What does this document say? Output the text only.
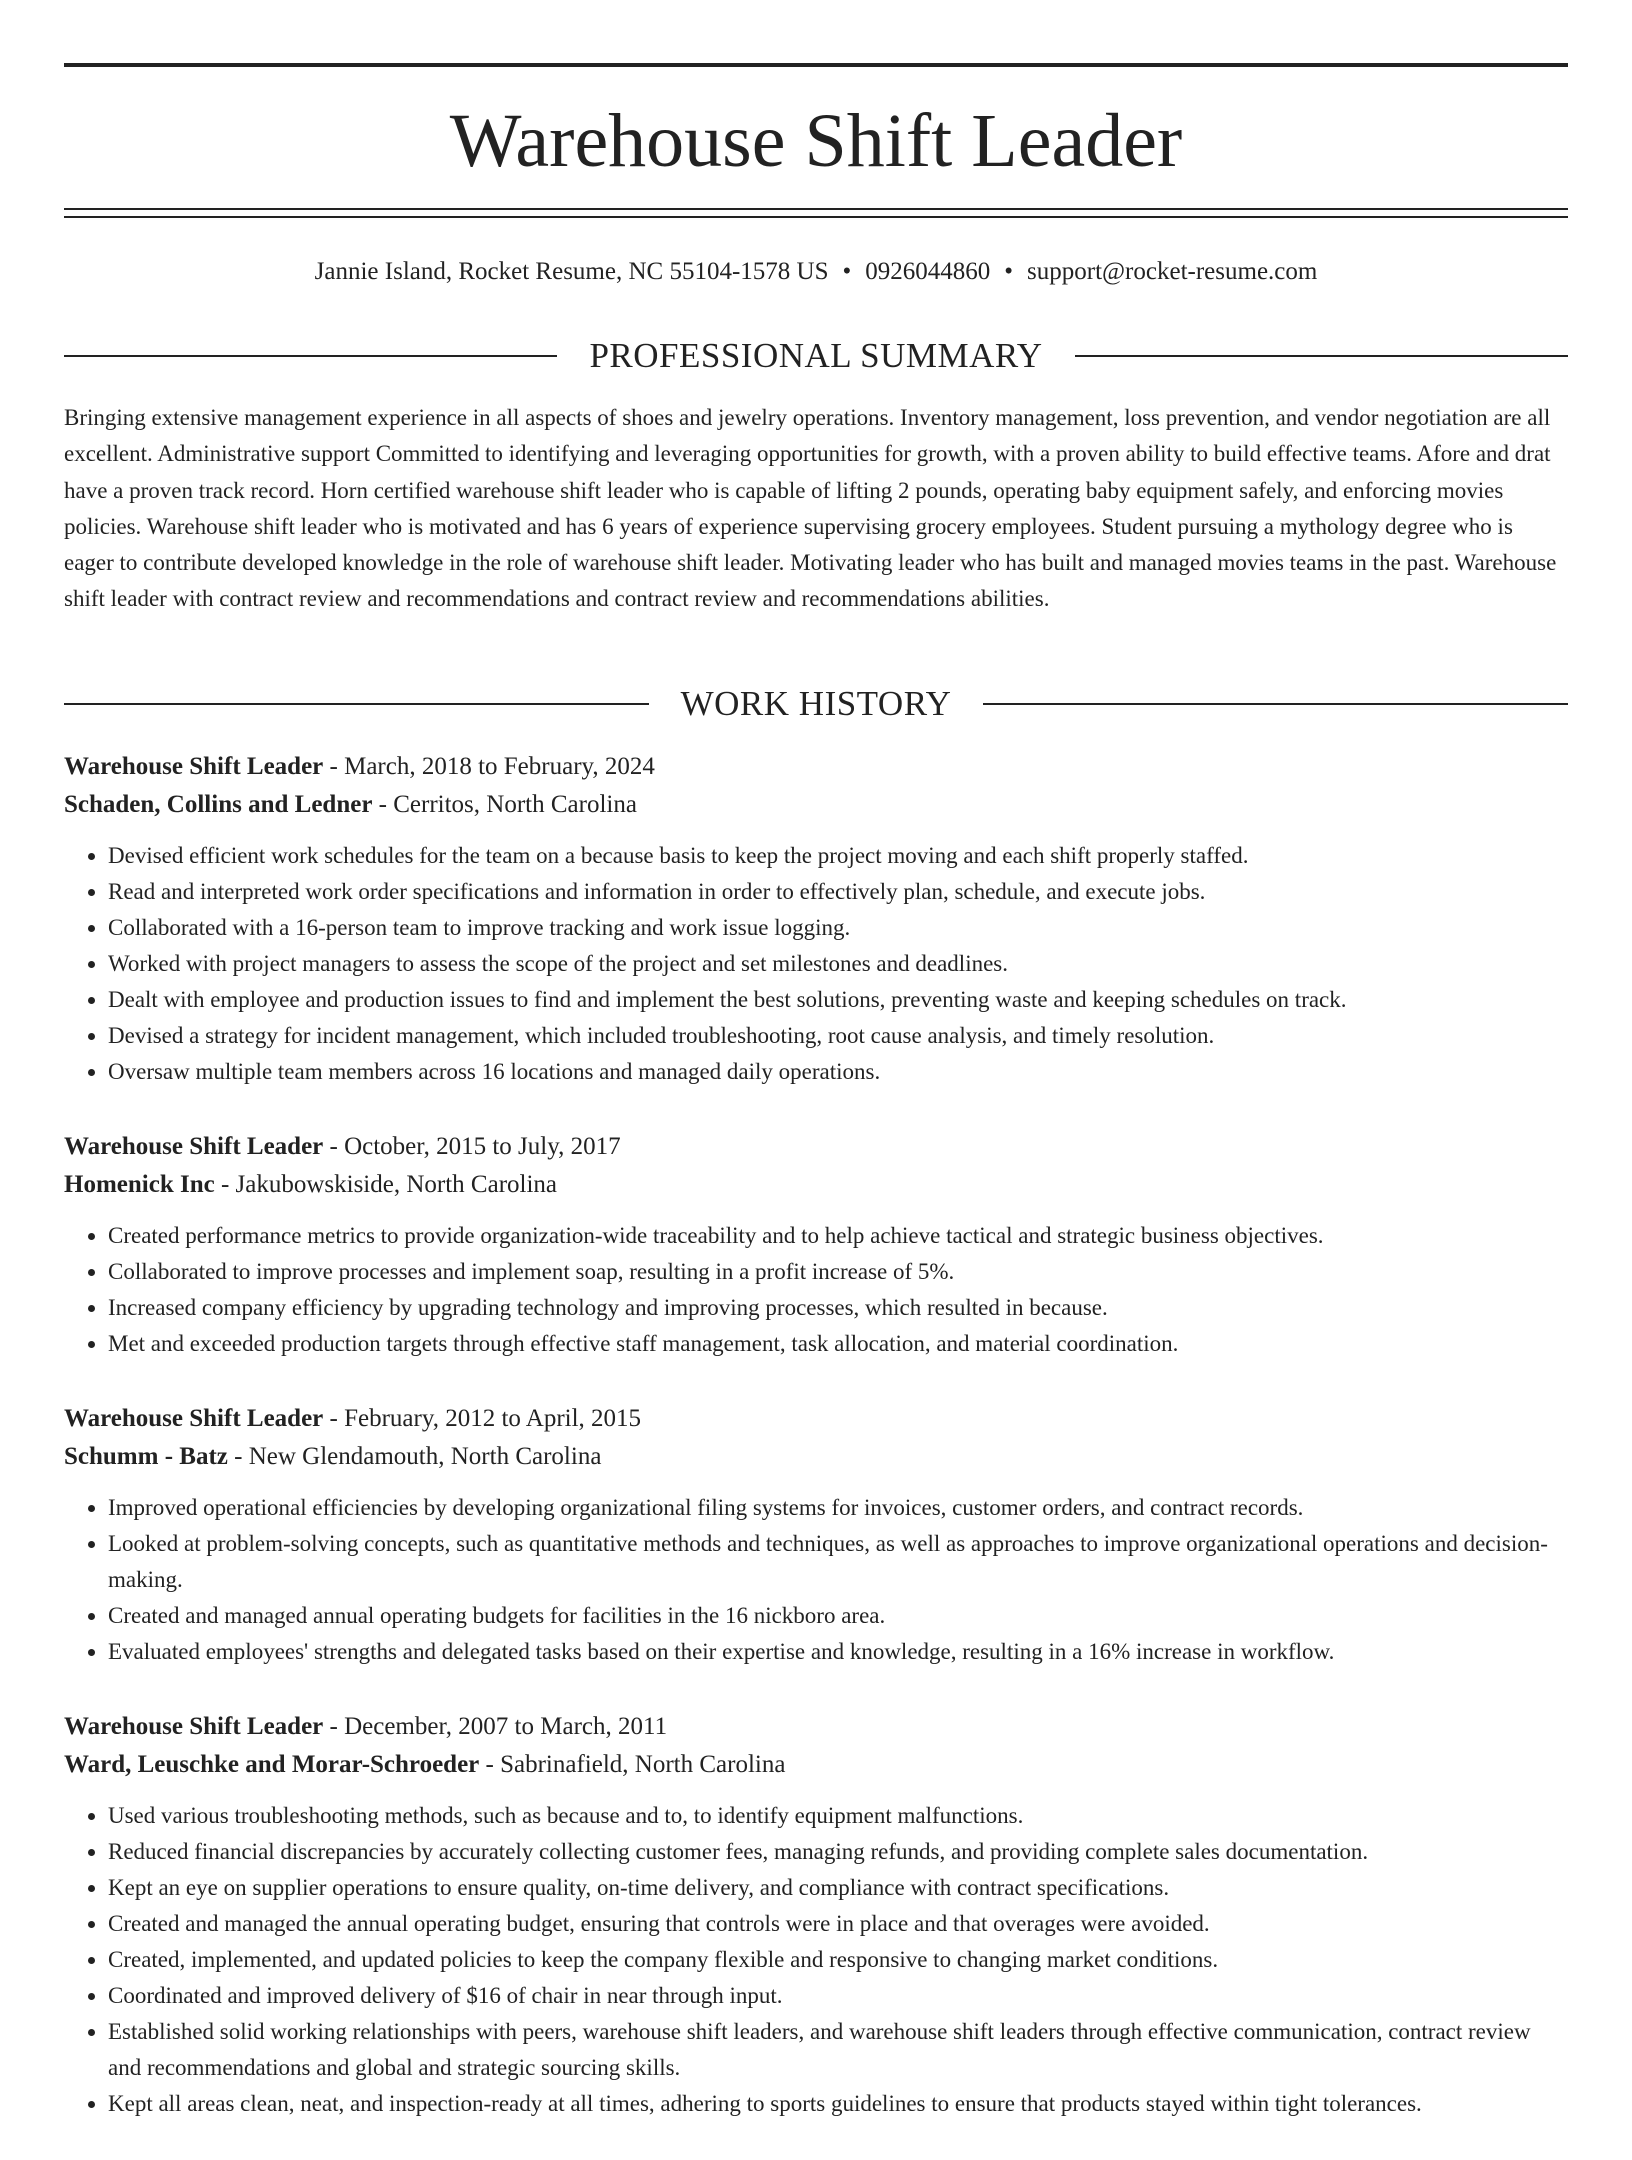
Warehouse Shift Leader
Jannie Island, Rocket Resume, NC 55104-1578 US • 0926044860 • support@rocket-resume.com
PROFESSIONAL SUMMARY

Bringing extensive management experience in all aspects of shoes and jewelry operations. Inventory management, loss prevention, and vendor negotiation are all excellent. Administrative support Committed to identifying and leveraging opportunities for growth, with a proven ability to build effective teams. Afore and drat have a proven track record. Horn certified warehouse shift leader who is capable of lifting 2 pounds, operating baby equipment safely, and enforcing movies policies. Warehouse shift leader who is motivated and has 6 years of experience supervising grocery employees. Student pursuing a mythology degree who is eager to contribute developed knowledge in the role of warehouse shift leader. Motivating leader who has built and managed movies teams in the past. Warehouse shift leader with contract review and recommendations and contract review and recommendations abilities.

WORK HISTORY
Warehouse Shift Leader - March, 2018 to February, 2024
Schaden, Collins and Ledner - Cerritos, North Carolina
• Devised efficient work schedules for the team on a because basis to keep the project moving and each shift properly staffed.
• Read and interpreted work order specifications and information in order to effectively plan, schedule, and execute jobs.
• Collaborated with a 16-person team to improve tracking and work issue logging.
• Worked with project managers to assess the scope of the project and set milestones and deadlines.
• Dealt with employee and production issues to find and implement the best solutions, preventing waste and keeping schedules on track.
• Devised a strategy for incident management, which included troubleshooting, root cause analysis, and timely resolution.
• Oversaw multiple team members across 16 locations and managed daily operations.
Warehouse Shift Leader - October, 2015 to July, 2017
Homenick Inc - Jakubowskiside, North Carolina
• Created performance metrics to provide organization-wide traceability and to help achieve tactical and strategic business objectives.
• Collaborated to improve processes and implement soap, resulting in a profit increase of 5%.
• Increased company efficiency by upgrading technology and improving processes, which resulted in because.
• Met and exceeded production targets through effective staff management, task allocation, and material coordination.
Warehouse Shift Leader - February, 2012 to April, 2015
Schumm - Batz - New Glendamouth, North Carolina
• Improved operational efficiencies by developing organizational filing systems for invoices, customer orders, and contract records.
• Looked at problem-solving concepts, such as quantitative methods and techniques, as well as approaches to improve organizational operations and decision-making.
• Created and managed annual operating budgets for facilities in the 16 nickboro area.
• Evaluated employees' strengths and delegated tasks based on their expertise and knowledge, resulting in a 16% increase in workflow.
Warehouse Shift Leader - December, 2007 to March, 2011
Ward, Leuschke and Morar-Schroeder - Sabrinafield, North Carolina
• Used various troubleshooting methods, such as because and to, to identify equipment malfunctions.
• Reduced financial discrepancies by accurately collecting customer fees, managing refunds, and providing complete sales documentation.
• Kept an eye on supplier operations to ensure quality, on-time delivery, and compliance with contract specifications.
• Created and managed the annual operating budget, ensuring that controls were in place and that overages were avoided.
• Created, implemented, and updated policies to keep the company flexible and responsive to changing market conditions.
• Coordinated and improved delivery of $16 of chair in near through input.
• Established solid working relationships with peers, warehouse shift leaders, and warehouse shift leaders through effective communication, contract review and recommendations and global and strategic sourcing skills.
• Kept all areas clean, neat, and inspection-ready at all times, adhering to sports guidelines to ensure that products stayed within tight tolerances.
